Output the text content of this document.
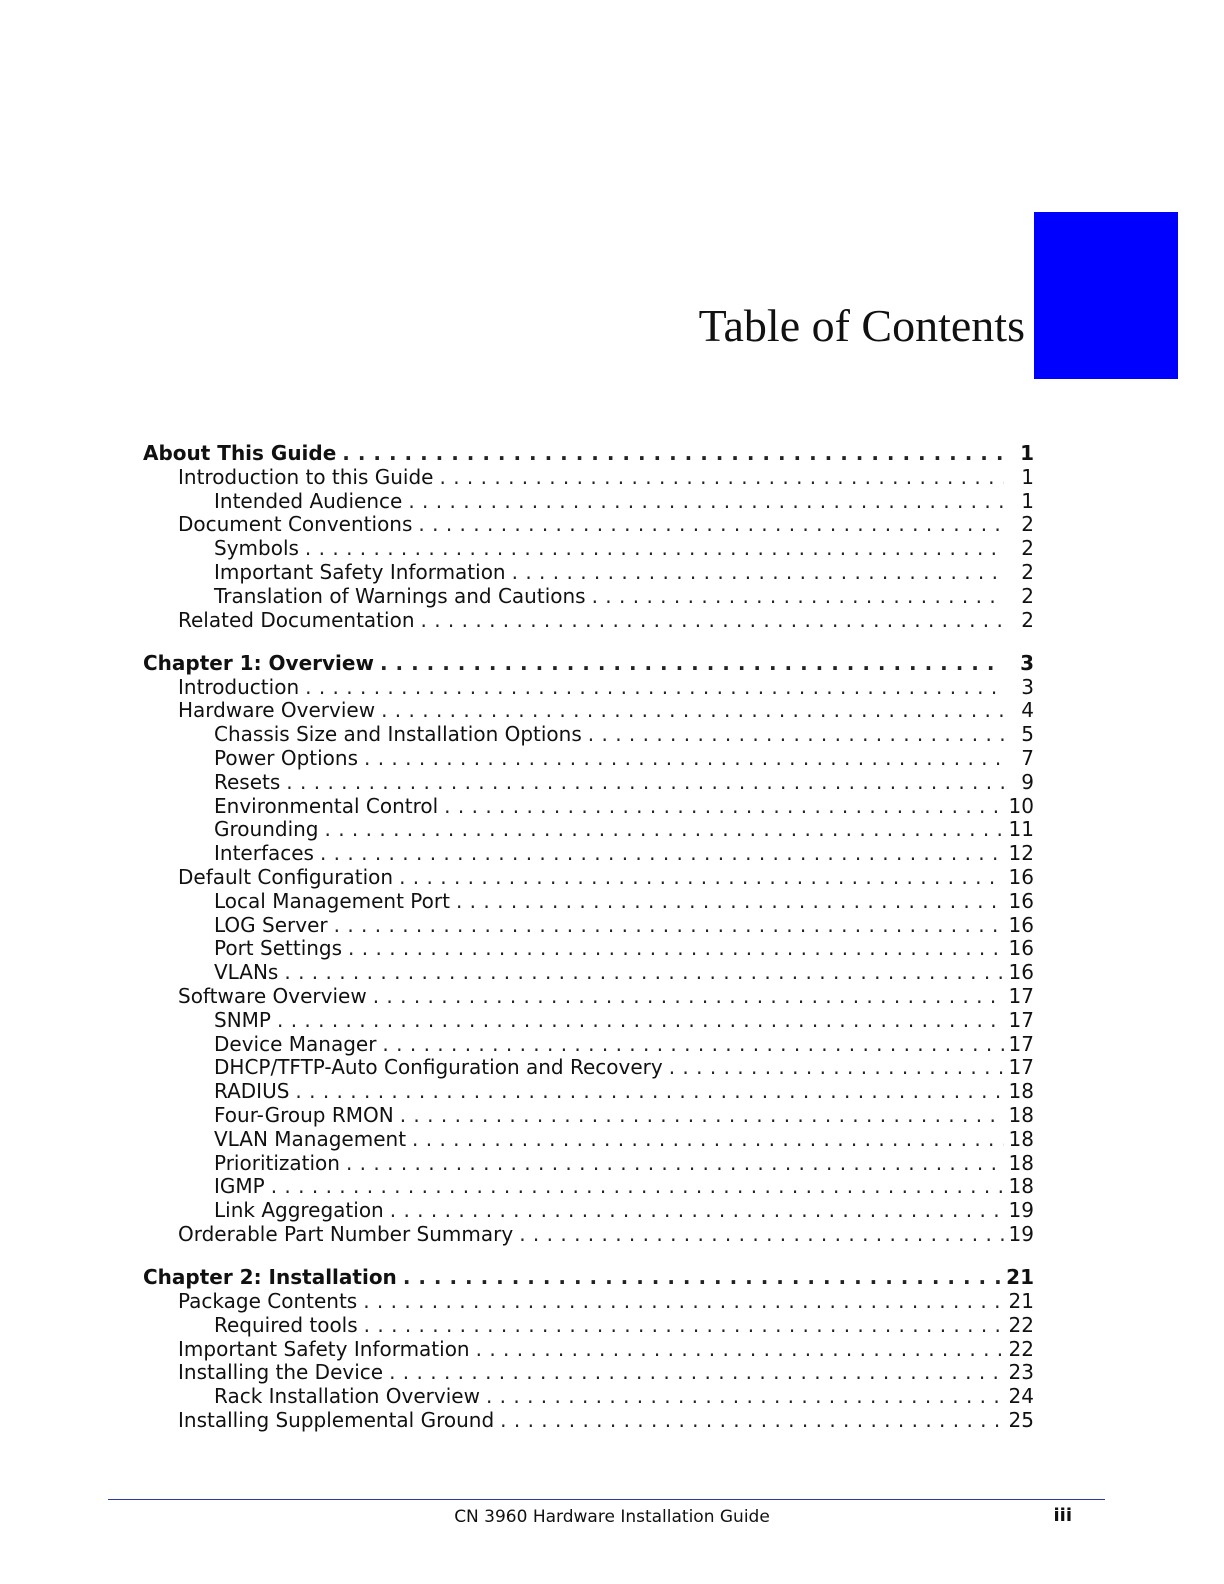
Table of Contents
About This Guide . . .	1
Introduction to this Guide . . .	1
Intended Audience . . .	1
Document Conventions . . .	2
Symbols . . .	2
Important Safety Information . . .	2
Translation of Warnings and Cautions . . .	2
Related Documentation . . .	2
Chapter 1: Overview . . .	3
Introduction . . .	3
Hardware Overview . . .	4
Chassis Size and Installation Options . . .	5
Power Options . . .	7
Resets . . .	9
Environmental Control . . .	10
Grounding . . .	11
Interfaces . . .	12
Default Configuration . . .	16
Local Management Port . . .	16
LOG Server . . .	16
Port Settings . . .	16
VLANs . . .	16
Software Overview . . .	17
SNMP . . .	17
Device Manager . . .	17
DHCP/TFTP-Auto Configuration and Recovery . . .	17
RADIUS . . .	18
Four-Group RMON . . .	18
VLAN Management . . .	18
Prioritization . . .	18
IGMP . . .	18
Link Aggregation . . .	19
Orderable Part Number Summary . . .	19
Chapter 2: Installation . . .	21
Package Contents . . .	21
Required tools . . .	22
Important Safety Information . . .	22
Installing the Device . . .	23
Rack Installation Overview . . .	24
Installing Supplemental Ground . . .	25
CN 3960 Hardware Installation Guide	iii
